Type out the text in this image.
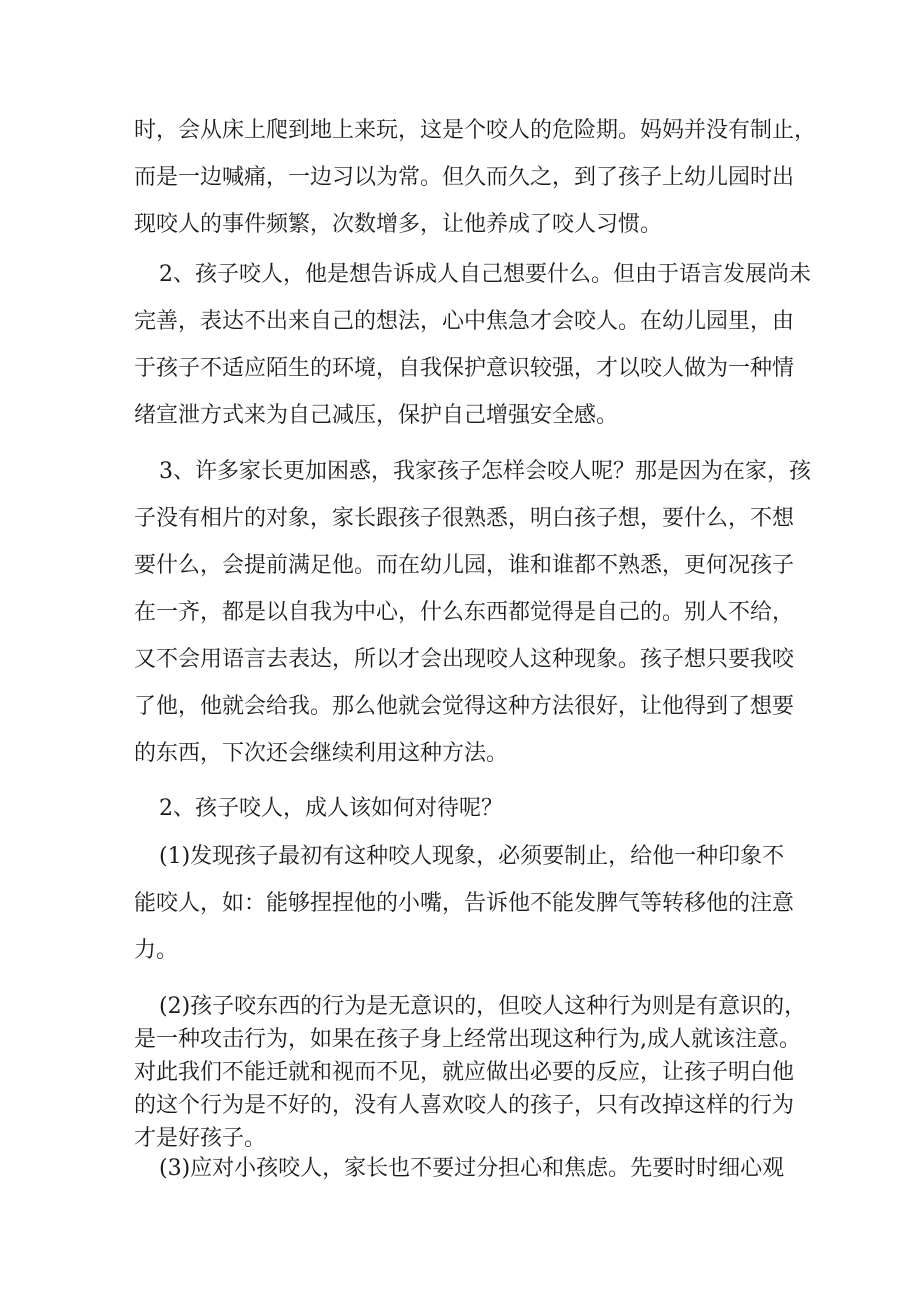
时，会从床上爬到地上来玩，这是个咬人的危险期。妈妈并没有制止，
而是一边喊痛，一边习以为常。但久而久之，到了孩子上幼儿园时出
现咬人的事件频繁，次数增多，让他养成了咬人习惯。
2、孩子咬人，他是想告诉成人自己想要什么。但由于语言发展尚未
完善，表达不出来自己的想法，心中焦急才会咬人。在幼儿园里，由
于孩子不适应陌生的环境，自我保护意识较强，才以咬人做为一种情
绪宣泄方式来为自己减压，保护自己增强安全感。
3、许多家长更加困惑，我家孩子怎样会咬人呢？那是因为在家，孩
子没有相片的对象，家长跟孩子很熟悉，明白孩子想，要什么，不想
要什么，会提前满足他。而在幼儿园，谁和谁都不熟悉，更何况孩子
在一齐，都是以自我为中心，什么东西都觉得是自己的。别人不给，
又不会用语言去表达，所以才会出现咬人这种现象。孩子想只要我咬
了他，他就会给我。那么他就会觉得这种方法很好，让他得到了想要
的东西，下次还会继续利用这种方法。
2、孩子咬人，成人该如何对待呢？
(1)发现孩子最初有这种咬人现象，必须要制止，给他一种印象不
能咬人，如：能够捏捏他的小嘴，告诉他不能发脾气等转移他的注意
力。
(2)孩子咬东西的行为是无意识的，但咬人这种行为则是有意识的，
是一种攻击行为，如果在孩子身上经常出现这种行为,成人就该注意。
对此我们不能迁就和视而不见，就应做出必要的反应，让孩子明白他
的这个行为是不好的，没有人喜欢咬人的孩子，只有改掉这样的行为
才是好孩子。
(3)应对小孩咬人，家长也不要过分担心和焦虑。先要时时细心观
